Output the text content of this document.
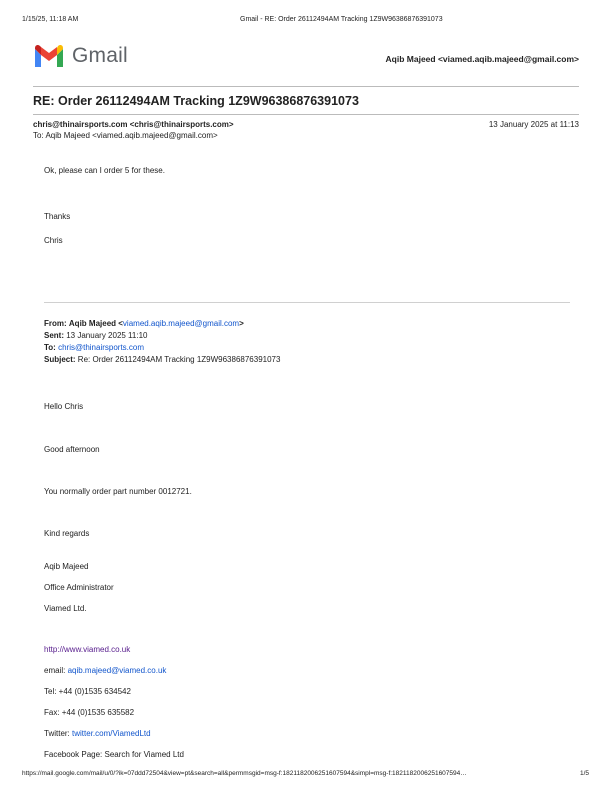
1/15/25, 11:18 AM	Gmail - RE: Order 26112494AM Tracking 1Z9W96386876391073
Gmail	Aqib Majeed <viamed.aqib.majeed@gmail.com>
RE: Order 26112494AM Tracking 1Z9W96386876391073
chris@thinairsports.com <chris@thinairsports.com>	13 January 2025 at 11:13
To: Aqib Majeed <viamed.aqib.majeed@gmail.com>
Ok, please can I order 5 for these.
Thanks
Chris
From: Aqib Majeed <viamed.aqib.majeed@gmail.com>
Sent: 13 January 2025 11:10
To: chris@thinairsports.com
Subject: Re: Order 26112494AM Tracking 1Z9W96386876391073
Hello Chris
Good afternoon
You normally order part number 0012721.
Kind regards
Aqib Majeed
Office Administrator
Viamed Ltd.
http://www.viamed.co.uk
email: aqib.majeed@viamed.co.uk
Tel: +44 (0)1535 634542
Fax: +44 (0)1535 635582
Twitter: twitter.com/ViamedLtd
Facebook Page: Search for Viamed Ltd
https://mail.google.com/mail/u/0/?ik=07ddd72504&view=pt&search=all&permmsgid=msg-f:1821182006251607594&simpl=msg-f:1821182006251607594…	1/5
